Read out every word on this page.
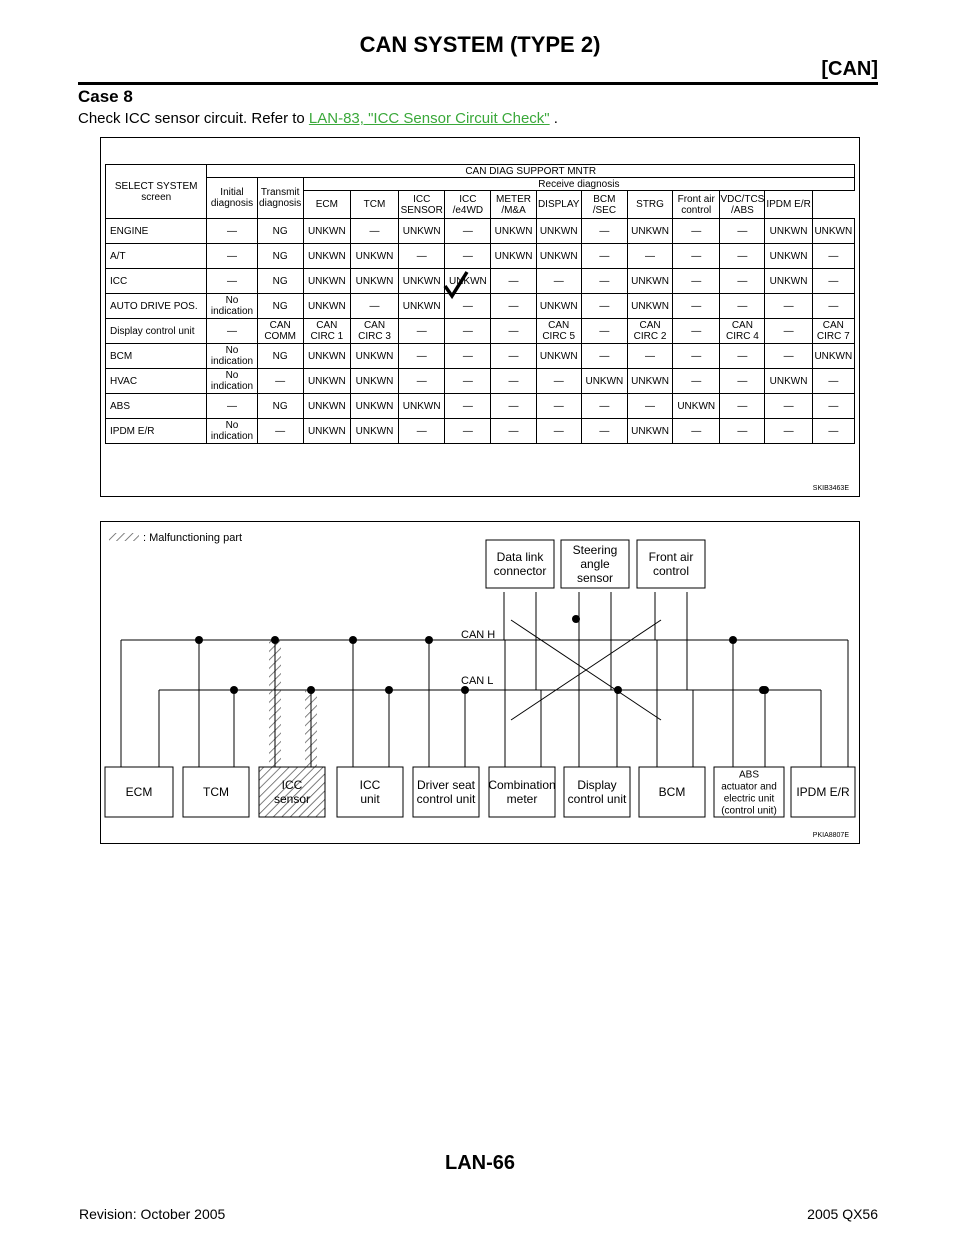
CAN SYSTEM (TYPE 2)
[CAN]
Case 8
Check ICC sensor circuit. Refer to LAN-83, "ICC Sensor Circuit Check" .
SELECT SYSTEM screen	CAN DIAG SUPPORT MNTR													
	Initial diagnosis	Transmit diagnosis	Receive diagnosis											
			ECM	TCM	ICC SENSOR	ICC /e4WD	METER /M&A	DISPLAY	BCM /SEC	STRG	Front air control	VDC/TCS /ABS	IPDM E/R	
ENGINE	—	NG	UNKWN	—	UNKWN	—	UNKWN	UNKWN	—	UNKWN	—	—	UNKWN	UNKWN
A/T	—	NG	UNKWN	UNKWN	—	—	UNKWN	UNKWN	—	—	—	—	UNKWN	—
ICC	—	NG	UNKWN	UNKWN	UNKWN	UNKWN	—	—	—	UNKWN	—	—	UNKWN	—
AUTO DRIVE POS.	No indication	NG	UNKWN	—	UNKWN	—	—	UNKWN	—	UNKWN	—	—	—	—
Display control unit	—	CAN COMM	CAN CIRC 1	CAN CIRC 3	—	—	—	CAN CIRC 5	—	CAN CIRC 2	—	CAN CIRC 4	—	CAN CIRC 7
BCM	No indication	NG	UNKWN	UNKWN	—	—	—	UNKWN	—	—	—	—	—	UNKWN
HVAC	No indication	—	UNKWN	UNKWN	—	—	—	—	UNKWN	UNKWN	—	—	UNKWN	—
ABS	—	NG	UNKWN	UNKWN	UNKWN	—	—	—	—	—	UNKWN	—	—	—
IPDM E/R	No indication	—	UNKWN	UNKWN	—	—	—	—	—	UNKWN	—	—	—	—
SKIB3463E
: Malfunctioning part
Data link
connector
Steering
angle
sensor
Front air
control
ECM	TCM	ICC
sensor
ICC
unit
Driver seat
control unit
Combination
meter
Display
control unit	BCM
ABS
actuator and
electric unit
(control unit)
IPDM E/R
CAN H
CAN L
PKIA8807E
LAN-66
Revision: October 2005	2005 QX56
